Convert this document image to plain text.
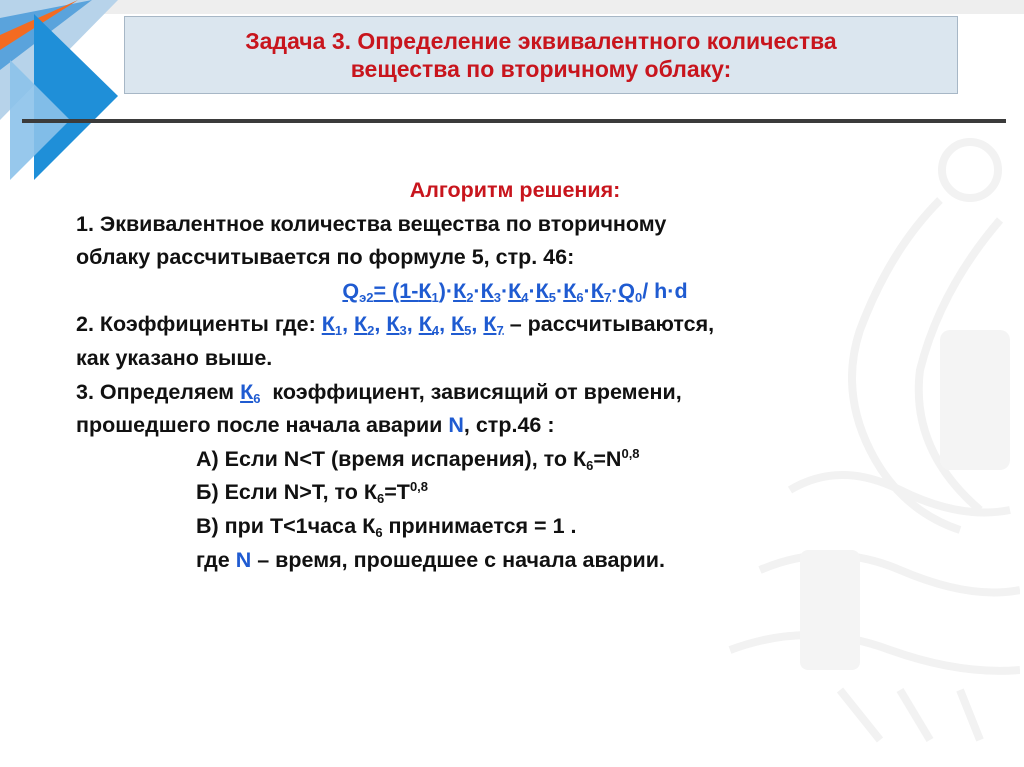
Задача 3. Определение эквивалентного количества
вещества по вторичному облаку:

Алгоритм решения:

1. Эквивалентное количества вещества по вторичному

облаку рассчитывается по формуле 5, стр. 46:

$Q_{э2}= (1-К_1)\cdot К_2\cdot К_3\cdot К_4\cdot К_5\cdot К_6\cdot К_7\cdot Q_0/$ h·d

2. Коэффициенты где: $К_1$, $К_2$, $К_3$, $К_4$, $К_5$, $К_7$ – рассчитываются,

как указано выше.

3. Определяем $К_6$ коэффициент, зависящий от времени,

прошедшего после начала аварии N, стр.46 :

А) Если N<T (время испарения), то $К_6=N^{0,8}$

Б) Если N>T, то $К_6=T^{0,8}$

В) при T<1часа $К_6$ принимается = 1 .

где N – время, прошедшее с начала аварии.
